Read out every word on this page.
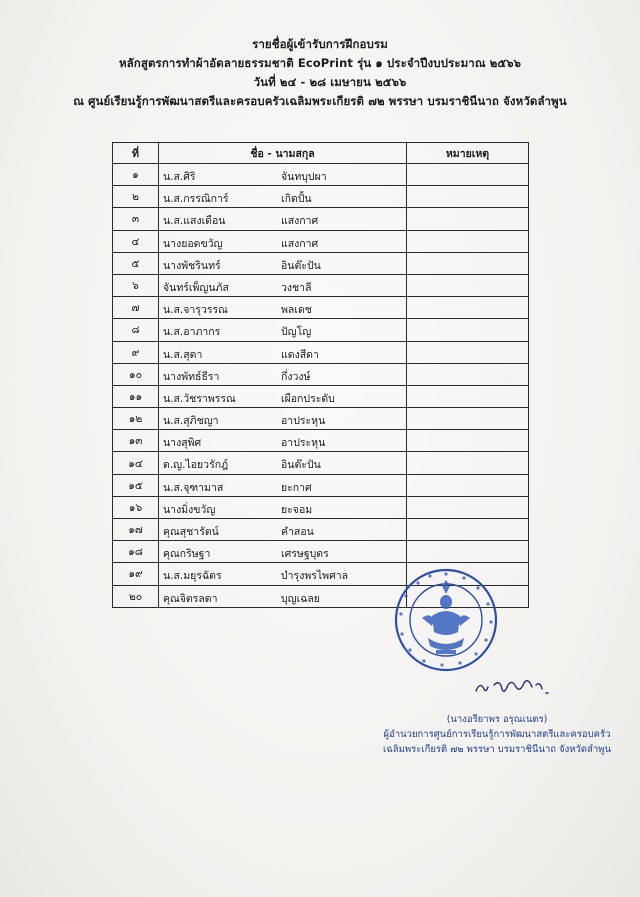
รายชื่อผู้เข้ารับการฝึกอบรม
หลักสูตรการทำผ้าอัดลายธรรมชาติ EcoPrint รุ่น ๑ ประจำปีงบประมาณ ๒๕๖๖
วันที่ ๒๔ - ๒๘ เมษายน ๒๕๖๖
ณ ศูนย์เรียนรู้การพัฒนาสตรีและครอบครัวเฉลิมพระเกียรติ ๗๒ พรรษา บรมราชินีนาถ จังหวัดลำพูน
ที่	ชื่อ - นามสกุล	หมายเหตุ
๑	น.ส.ศิริ จันทบุปผา	

๒	น.ส.กรรณิการ์ เกิดปั้น	

๓	น.ส.แสงเดือน แสงกาศ	

๔	นางยอดขวัญ แสงกาศ	

๕	นางพัชรินทร์ อินต๊ะปัน	

๖	จันทร์เพ็ญนภัส วงชาลี	

๗	น.ส.จารุวรรณ พลเดช	

๘	น.ส.อาภากร ปัญโญ	

๙	น.ส.สุดา แดงสีดา	

๑๐	นางพัทธ์ธีรา กึ่งวงษ์	

๑๑	น.ส.วัชราพรรณ เผือกประดับ	

๑๒	น.ส.สุภิชญา อาประหุน	

๑๓	นางสุพิศ อาประหุน	

๑๔	ด.ญ.ไอยวรักฎ์ อินต๊ะปัน	

๑๕	น.ส.จุฑามาส ยะกาศ	

๑๖	นางมิ่งขวัญ ยะจอม	

๑๗	คุณสุชารัตน์ คำสอน	

๑๘	คุณกริษฐา เศรษฐบุตร	

๑๙	น.ส.มยุรฉัตร บำรุงพรไพศาล	

๒๐	คุณจิตรลดา บุญเฉลย	

(นางอรียาพร อรุณเนตร)
ผู้อำนวยการศูนย์การเรียนรู้การพัฒนาสตรีและครอบครัว
เฉลิมพระเกียรติ ๗๒ พรรษา บรมราชินีนาถ จังหวัดลำพูน
